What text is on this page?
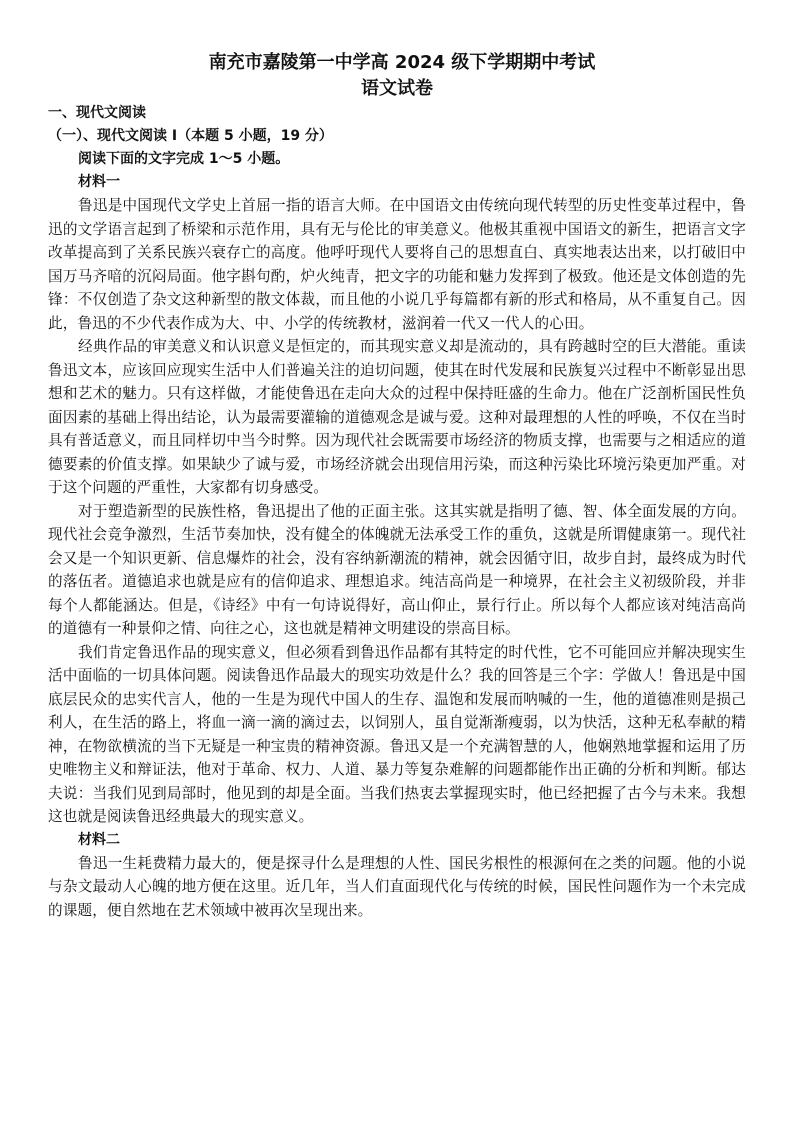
南充市嘉陵第一中学高 2024 级下学期期中考试
语文试卷

一、现代文阅读

（一）、现代文阅读 I（本题 5 小题，19 分）

阅读下面的文字完成 1～5 小题。

材料一

鲁迅是中国现代文学史上首屈一指的语言大师。在中国语文由传统向现代转型的历史性变革过程中，鲁迅的文学语言起到了桥梁和示范作用，具有无与伦比的审美意义。他极其重视中国语文的新生，把语言文字改革提高到了关系民族兴衰存亡的高度。他呼吁现代人要将自己的思想直白、真实地表达出来，以打破旧中国万马齐喑的沉闷局面。他字斟句酌，炉火纯青，把文字的功能和魅力发挥到了极致。他还是文体创造的先锋：不仅创造了杂文这种新型的散文体裁，而且他的小说几乎每篇都有新的形式和格局，从不重复自己。因此，鲁迅的不少代表作成为大、中、小学的传统教材，滋润着一代又一代人的心田。

经典作品的审美意义和认识意义是恒定的，而其现实意义却是流动的，具有跨越时空的巨大潜能。重读鲁迅文本，应该回应现实生活中人们普遍关注的迫切问题，使其在时代发展和民族复兴过程中不断彰显出思想和艺术的魅力。只有这样做，才能使鲁迅在走向大众的过程中保持旺盛的生命力。他在广泛剖析国民性负面因素的基础上得出结论，认为最需要灌输的道德观念是诚与爱。这种对最理想的人性的呼唤，不仅在当时具有普适意义，而且同样切中当今时弊。因为现代社会既需要市场经济的物质支撑，也需要与之相适应的道德要素的价值支撑。如果缺少了诚与爱，市场经济就会出现信用污染，而这种污染比环境污染更加严重。对于这个问题的严重性，大家都有切身感受。

对于塑造新型的民族性格，鲁迅提出了他的正面主张。这其实就是指明了德、智、体全面发展的方向。现代社会竞争激烈，生活节奏加快，没有健全的体魄就无法承受工作的重负，这就是所谓健康第一。现代社会又是一个知识更新、信息爆炸的社会，没有容纳新潮流的精神，就会因循守旧，故步自封，最终成为时代的落伍者。道德追求也就是应有的信仰追求、理想追求。纯洁高尚是一种境界，在社会主义初级阶段，并非每个人都能涵达。但是，《诗经》中有一句诗说得好，高山仰止，景行行止。所以每个人都应该对纯洁高尚的道德有一种景仰之情、向往之心，这也就是精神文明建设的崇高目标。

我们肯定鲁迅作品的现实意义，但必须看到鲁迅作品都有其特定的时代性，它不可能回应并解决现实生活中面临的一切具体问题。阅读鲁迅作品最大的现实功效是什么？我的回答是三个字：学做人！鲁迅是中国底层民众的忠实代言人，他的一生是为现代中国人的生存、温饱和发展而呐喊的一生，他的道德准则是损己利人，在生活的路上，将血一滴一滴的滴过去，以饲别人，虽自觉渐渐瘦弱，以为快活，这种无私奉献的精神，在物欲横流的当下无疑是一种宝贵的精神资源。鲁迅又是一个充满智慧的人，他娴熟地掌握和运用了历史唯物主义和辩证法，他对于革命、权力、人道、暴力等复杂难解的问题都能作出正确的分析和判断。郁达夫说：当我们见到局部时，他见到的却是全面。当我们热衷去掌握现实时，他已经把握了古今与未来。我想这也就是阅读鲁迅经典最大的现实意义。

材料二

鲁迅一生耗费精力最大的，便是探寻什么是理想的人性、国民劣根性的根源何在之类的问题。他的小说与杂文最动人心魄的地方便在这里。近几年，当人们直面现代化与传统的时候，国民性问题作为一个未完成的课题，便自然地在艺术领域中被再次呈现出来。
